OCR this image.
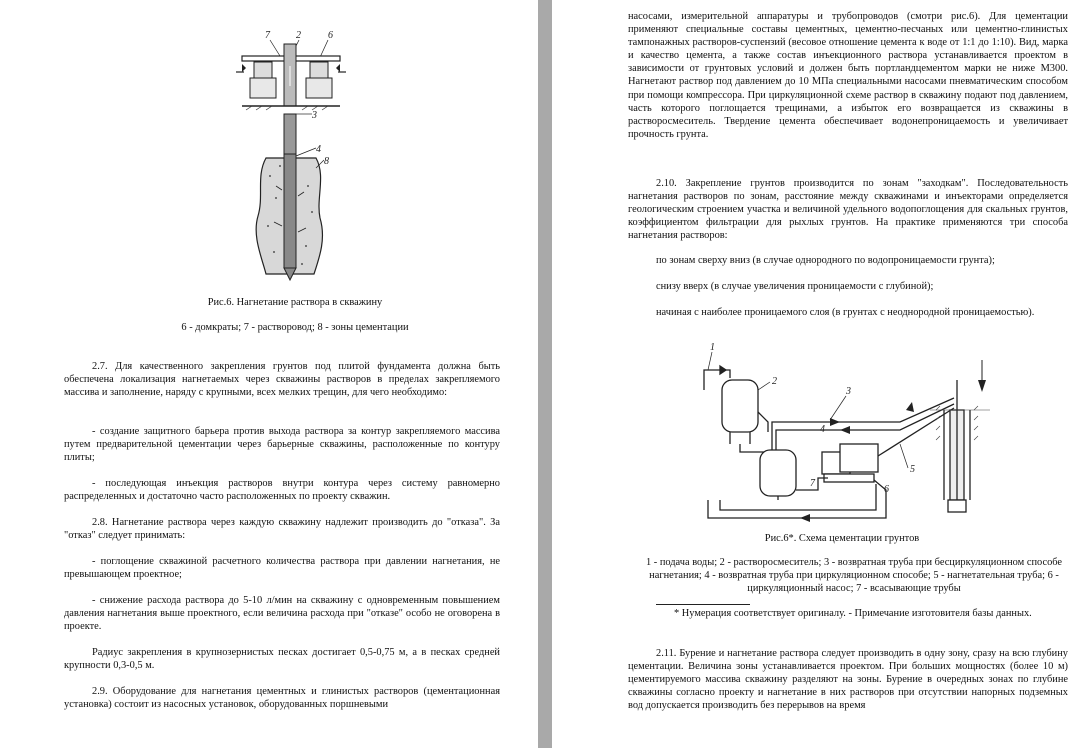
7	2	6
3
4
8

Рис.6. Нагнетание раствора в скважину

6 - домкраты; 7 - растворовод; 8 - зоны цементации

2.7. Для качественного закрепления грунтов под плитой фундамента должна быть обеспечена локализация нагнетаемых через скважины растворов в пределах закрепляемого массива и заполнение, наряду с крупными, всех мелких трещин, для чего необходимо:

- создание защитного барьера против выхода раствора за контур закрепляемого массива путем предварительной цементации через барьерные скважины, расположенные по контуру плиты;

- последующая инъекция растворов внутри контура через систему равномерно распределенных и достаточно часто расположенных по проекту скважин.

2.8. Нагнетание раствора через каждую скважину надлежит производить до "отказа". За "отказ" следует принимать:

- поглощение скважиной расчетного количества раствора при давлении нагнетания, не превышающем проектное;

- снижение расхода раствора до 5-10 л/мин на скважину с одновременным повышением давления нагнетания выше проектного, если величина расхода при "отказе" особо не оговорена в проекте.

Радиус закрепления в крупнозернистых песках достигает 0,5-0,75 м, а в песках средней крупности 0,3-0,5 м.

2.9. Оборудование для нагнетания цементных и глинистых растворов (цементационная установка) состоит из насосных установок, оборудованных поршневыми

насосами, измерительной аппаратуры и трубопроводов (смотри рис.6). Для цементации применяют специальные составы цементных, цементно-песчаных или цементно-глинистых тампонажных растворов-суспензий (весовое отношение цемента к воде от 1:1 до 1:10). Вид, марка и качество цемента, а также состав инъекционного раствора устанавливается проектом в зависимости от грунтовых условий и должен быть портландцементом марки не ниже М300. Нагнетают раствор под давлением до 10 МПа специальными насосами пневматическим способом при помощи компрессора. При циркуляционной схеме раствор в скважину подают под давлением, часть которого поглощается трещинами, а избыток его возвращается из скважины в растворосмеситель. Твердение цемента обеспечивает водонепроницаемость и увеличивает прочность грунта.

2.10. Закрепление грунтов производится по зонам "заходкам". Последовательность нагнетания растворов по зонам, расстояние между скважинами и инъекторами определяется геологическим строением участка и величиной удельного водопоглощения для скальных грунтов, коэффициентом фильтрации для рыхлых грунтов. На практике применяются три способа нагнетания растворов:

по зонам сверху вниз (в случае однородного по водопроницаемости грунта);

снизу вверх (в случае увеличения проницаемости с глубиной);

начиная с наиболее проницаемого слоя (в грунтах с неоднородной проницаемостью).

1
2
3
4
5
6
7

Рис.6*. Схема цементации грунтов

1 - подача воды; 2 - растворосмеситель; 3 - возвратная труба при бесциркуляционном способе нагнетания; 4 - возвратная труба при циркуляционном способе; 5 - нагнетательная труба; 6 - циркуляционный насос; 7 - всасывающие трубы

* Нумерация соответствует оригиналу. - Примечание изготовителя базы данных.

2.11. Бурение и нагнетание раствора следует производить в одну зону, сразу на всю глубину цементации. Величина зоны устанавливается проектом. При больших мощностях (более 10 м) цементируемого массива скважину разделяют на зоны. Бурение в очередных зонах по глубине скважины согласно проекту и нагнетание в них растворов при отсутствии напорных подземных вод допускается производить без перерывов на время
